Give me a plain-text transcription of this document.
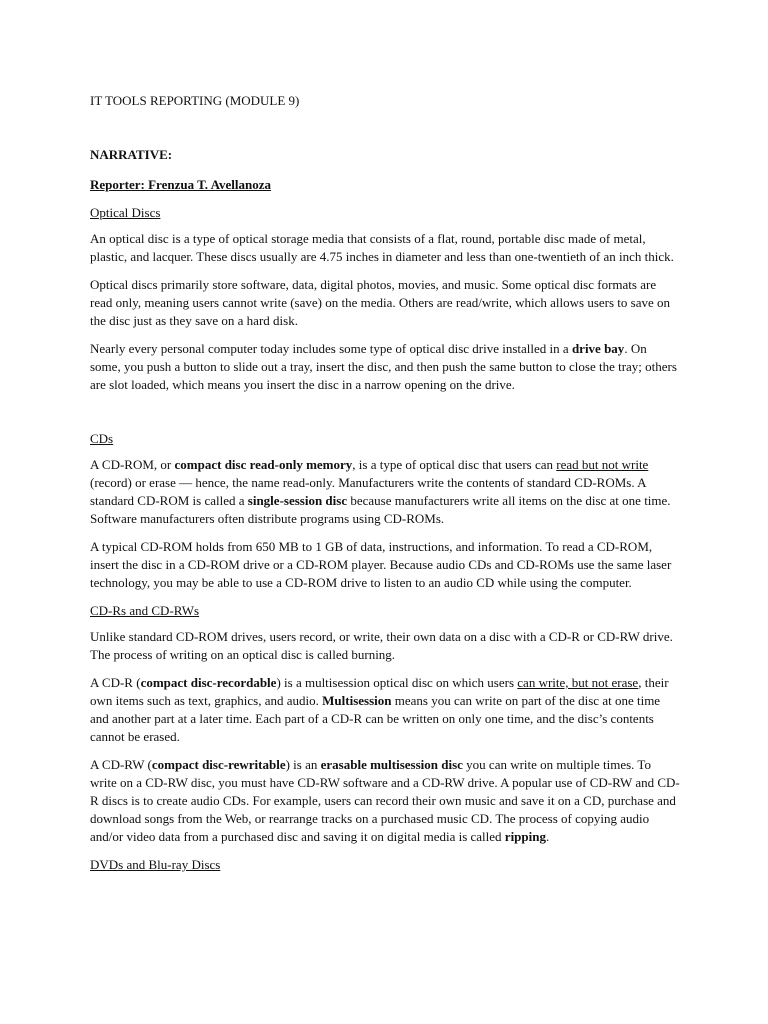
IT TOOLS REPORTING (MODULE 9)
NARRATIVE:
Reporter: Frenzua T. Avellanoza
Optical Discs

An optical disc is a type of optical storage media that consists of a flat, round, portable disc made of metal, plastic, and lacquer. These discs usually are 4.75 inches in diameter and less than one-twentieth of an inch thick.

Optical discs primarily store software, data, digital photos, movies, and music. Some optical disc formats are read only, meaning users cannot write (save) on the media. Others are read/write, which allows users to save on the disc just as they save on a hard disk.

Nearly every personal computer today includes some type of optical disc drive installed in a drive bay. On some, you push a button to slide out a tray, insert the disc, and then push the same button to close the tray; others are slot loaded, which means you insert the disc in a narrow opening on the drive.

CDs

A CD-ROM, or compact disc read-only memory, is a type of optical disc that users can read but not write (record) or erase — hence, the name read-only. Manufacturers write the contents of standard CD-ROMs. A standard CD-ROM is called a single-session disc because manufacturers write all items on the disc at one time. Software manufacturers often distribute programs using CD-ROMs.

A typical CD-ROM holds from 650 MB to 1 GB of data, instructions, and information. To read a CD-ROM, insert the disc in a CD-ROM drive or a CD-ROM player. Because audio CDs and CD-ROMs use the same laser technology, you may be able to use a CD-ROM drive to listen to an audio CD while using the computer.

CD-Rs and CD-RWs

Unlike standard CD-ROM drives, users record, or write, their own data on a disc with a CD-R or CD-RW drive. The process of writing on an optical disc is called burning.

A CD-R (compact disc-recordable) is a multisession optical disc on which users can write, but not erase, their own items such as text, graphics, and audio. Multisession means you can write on part of the disc at one time and another part at a later time. Each part of a CD-R can be written on only one time, and the disc’s contents cannot be erased.

A CD-RW (compact disc-rewritable) is an erasable multisession disc you can write on multiple times. To write on a CD-RW disc, you must have CD-RW software and a CD-RW drive. A popular use of CD-RW and CD-R discs is to create audio CDs. For example, users can record their own music and save it on a CD, purchase and download songs from the Web, or rearrange tracks on a purchased music CD. The process of copying audio and/or video data from a purchased disc and saving it on digital media is called ripping.

DVDs and Blu-ray Discs
